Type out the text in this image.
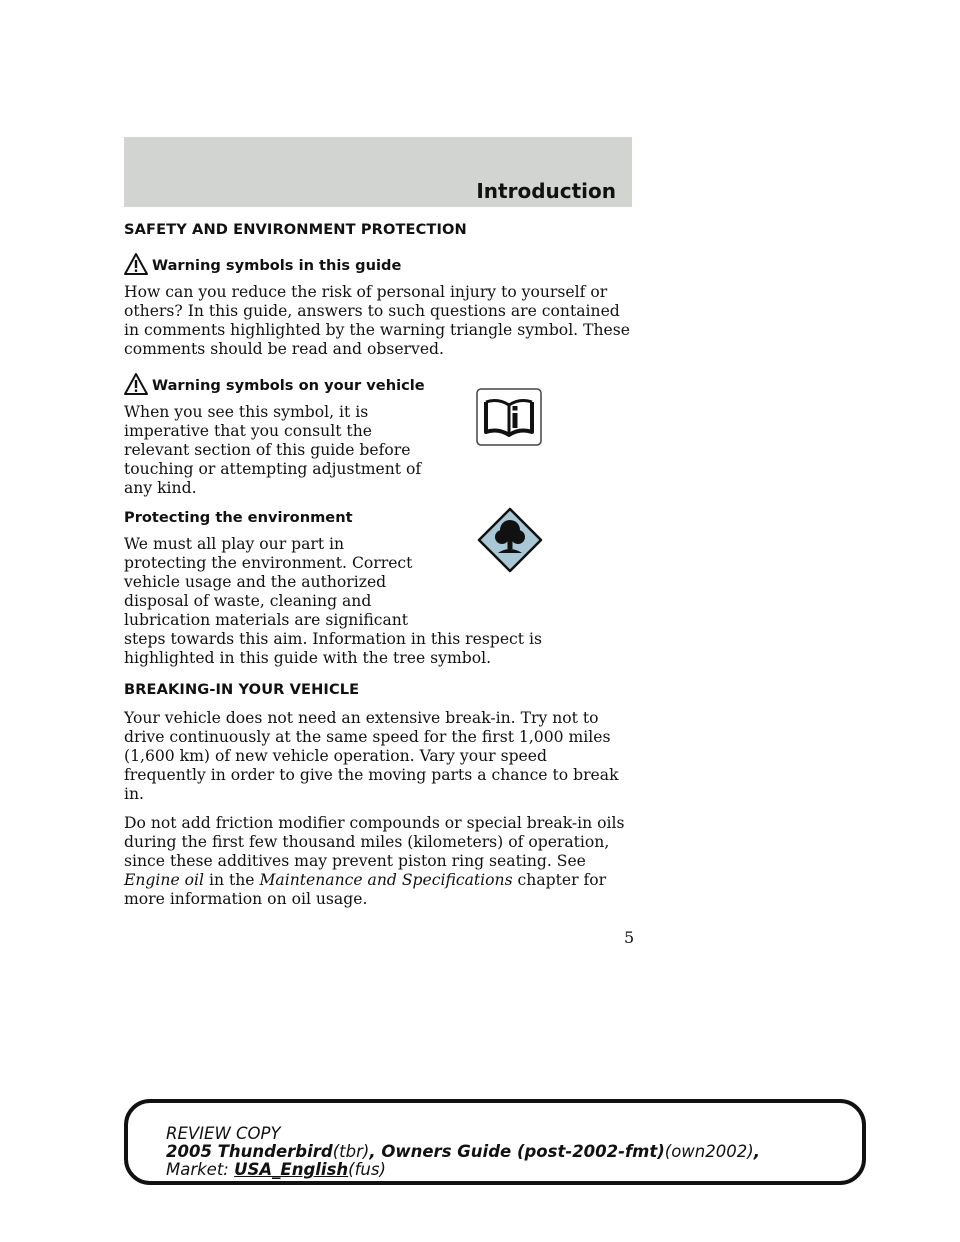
Introduction
SAFETY AND ENVIRONMENT PROTECTION
Warning symbols in this guide

How can you reduce the risk of personal injury to yourself or others? In this guide, answers to such questions are contained in comments highlighted by the warning triangle symbol. These comments should be read and observed.

Warning symbols on your vehicle

When you see this symbol, it is imperative that you consult the relevant section of this guide before touching or attempting adjustment of any kind.

Protecting the environment

We must all play our part in protecting the environment. Correct vehicle usage and the authorized disposal of waste, cleaning and lubrication materials are significant

steps towards this aim. Information in this respect is highlighted in this guide with the tree symbol.

BREAKING-IN YOUR VEHICLE

Your vehicle does not need an extensive break-in. Try not to drive continuously at the same speed for the first 1,000 miles (1,600 km) of new vehicle operation. Vary your speed frequently in order to give the moving parts a chance to break in.

Do not add friction modifier compounds or special break-in oils during the first few thousand miles (kilometers) of operation, since these additives may prevent piston ring seating. See Engine oil in the Maintenance and Specifications chapter for more information on oil usage.

5
REVIEW COPY
2005 Thunderbird(tbr), Owners Guide (post-2002-fmt)(own2002),
Market: USA_English(fus)
